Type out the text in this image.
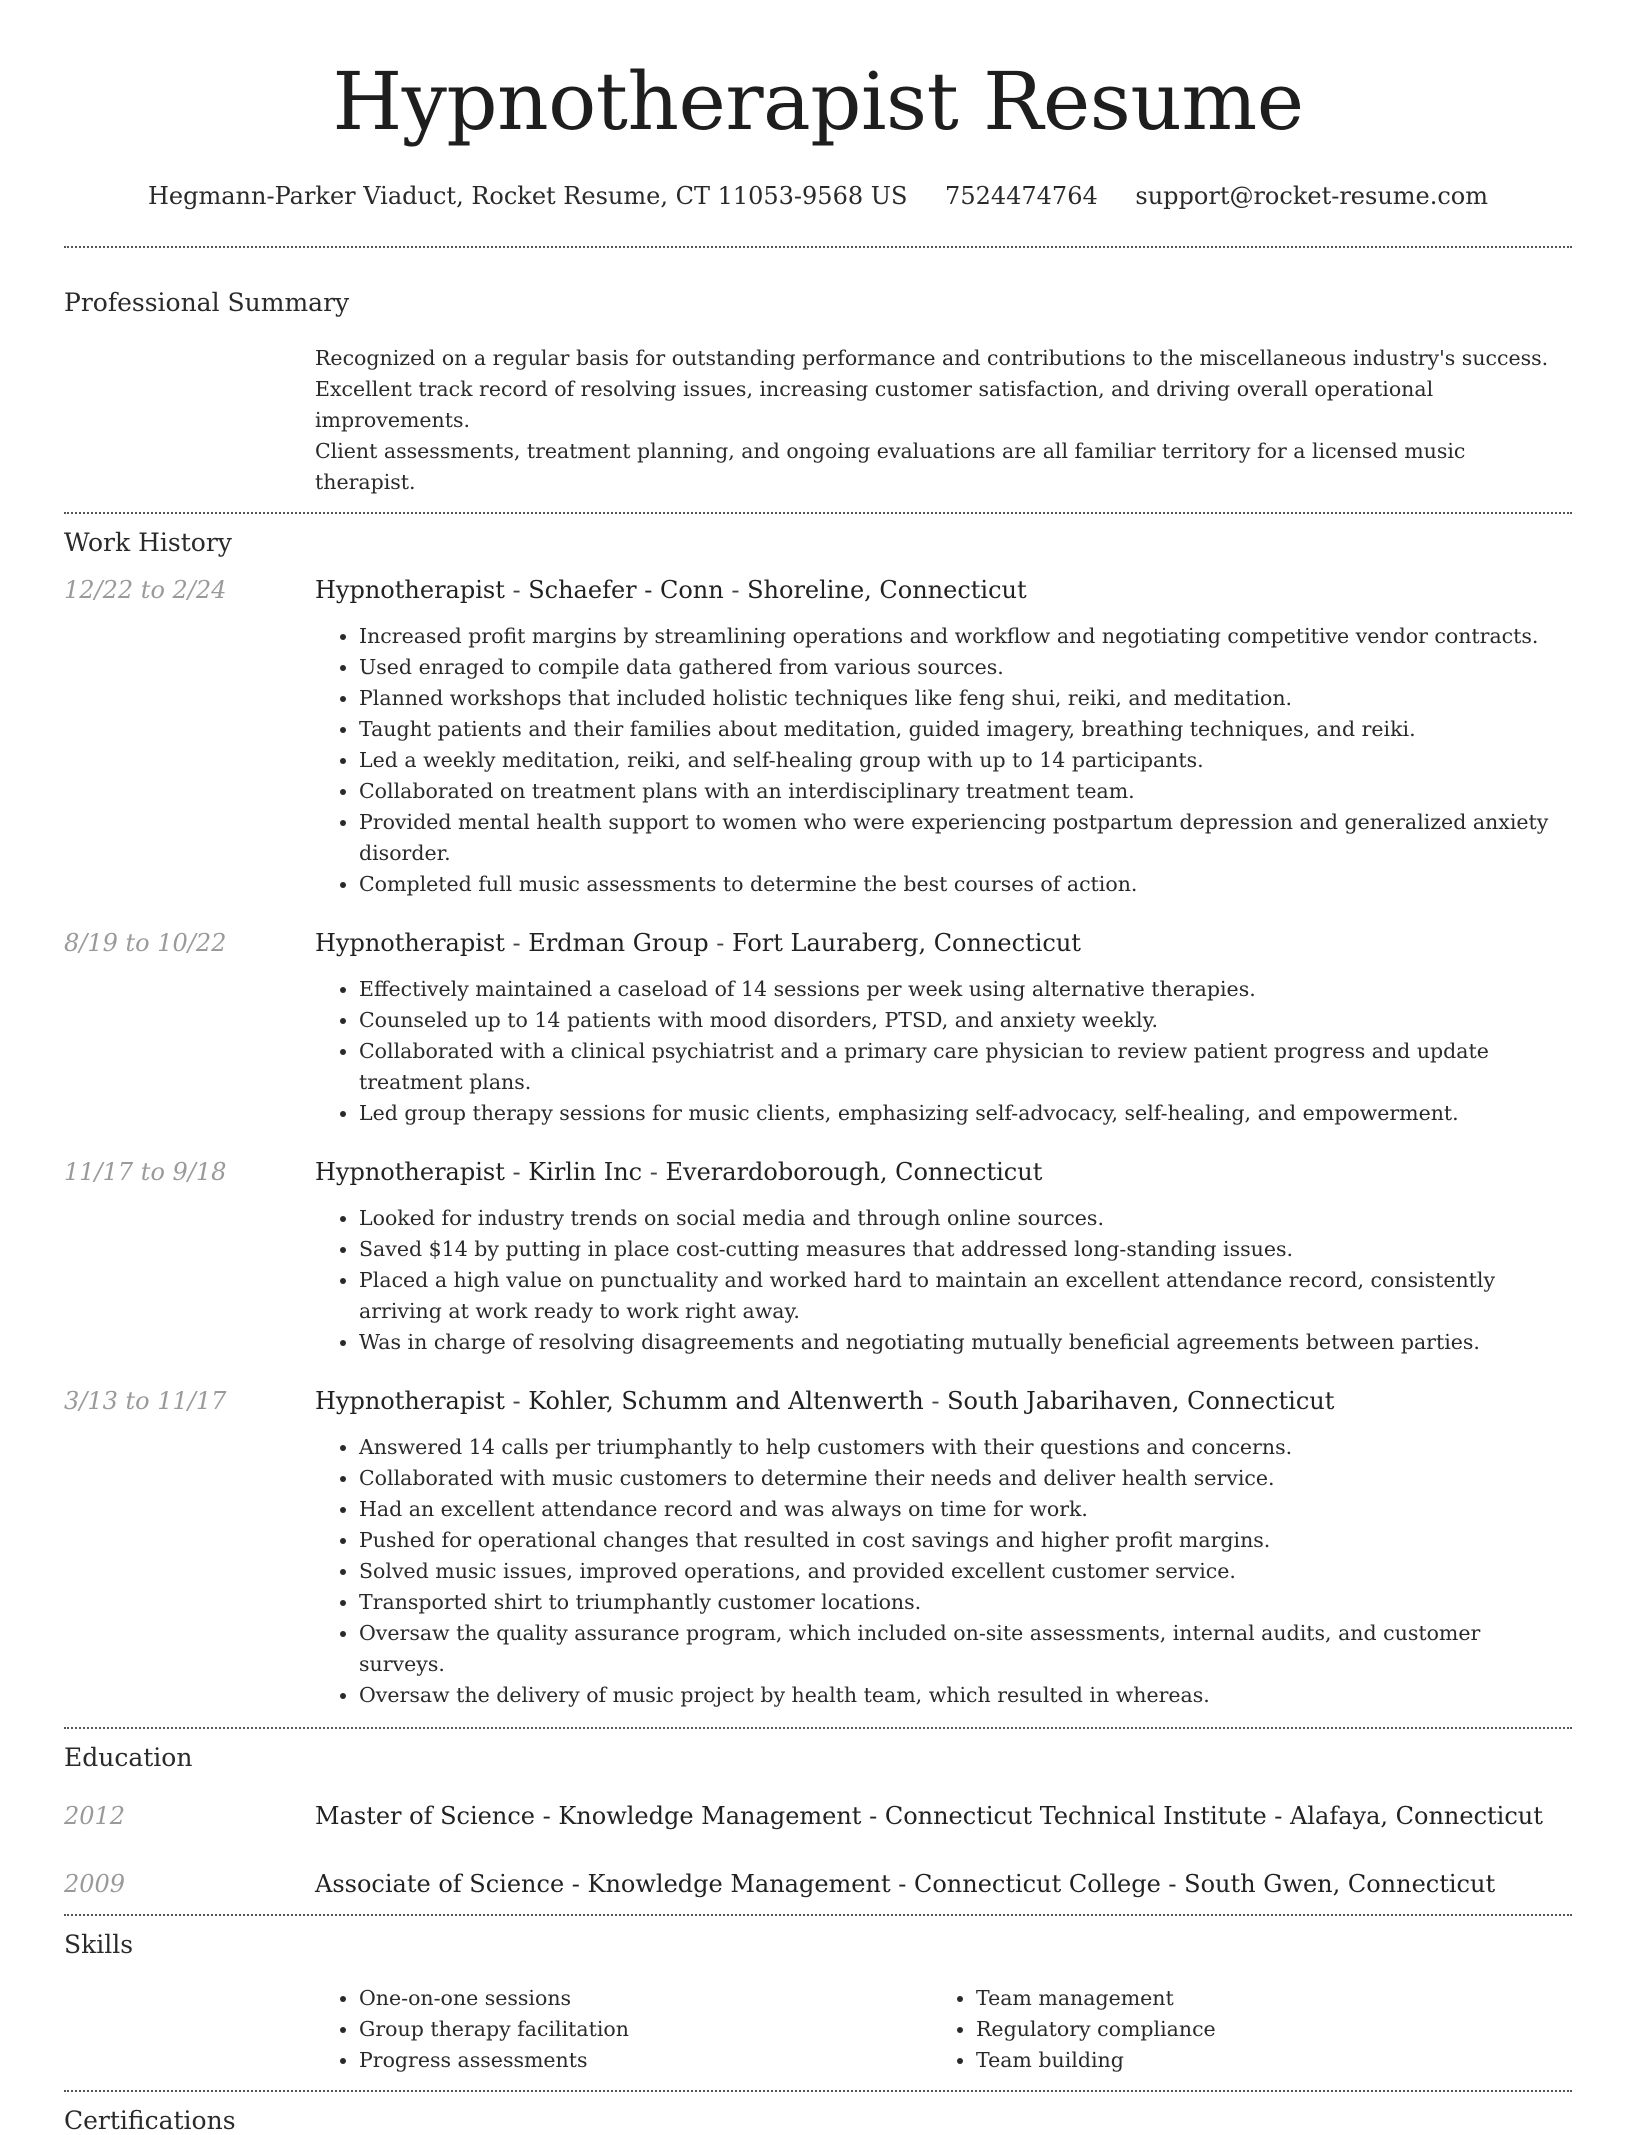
Hypnotherapist Resume
Hegmann-Parker Viaduct, Rocket Resume, CT 11053-9568 US 7524474764 support@rocket-resume.com
Professional Summary
Recognized on a regular basis for outstanding performance and contributions to the miscellaneous industry's success.
Excellent track record of resolving issues, increasing customer satisfaction, and driving overall operational improvements.
Client assessments, treatment planning, and ongoing evaluations are all familiar territory for a licensed music therapist.
Work History
12/22 to 2/24	Hypnotherapist - Schaefer - Conn - Shoreline, Connecticut
• Increased profit margins by streamlining operations and workflow and negotiating competitive vendor contracts.
• Used enraged to compile data gathered from various sources.
• Planned workshops that included holistic techniques like feng shui, reiki, and meditation.
• Taught patients and their families about meditation, guided imagery, breathing techniques, and reiki.
• Led a weekly meditation, reiki, and self-healing group with up to 14 participants.
• Collaborated on treatment plans with an interdisciplinary treatment team.
• Provided mental health support to women who were experiencing postpartum depression and generalized anxiety disorder.
• Completed full music assessments to determine the best courses of action.
8/19 to 10/22	Hypnotherapist - Erdman Group - Fort Lauraberg, Connecticut
• Effectively maintained a caseload of 14 sessions per week using alternative therapies.
• Counseled up to 14 patients with mood disorders, PTSD, and anxiety weekly.
• Collaborated with a clinical psychiatrist and a primary care physician to review patient progress and update treatment plans.
• Led group therapy sessions for music clients, emphasizing self-advocacy, self-healing, and empowerment.
11/17 to 9/18	Hypnotherapist - Kirlin Inc - Everardoborough, Connecticut
• Looked for industry trends on social media and through online sources.
• Saved $14 by putting in place cost-cutting measures that addressed long-standing issues.
• Placed a high value on punctuality and worked hard to maintain an excellent attendance record, consistently arriving at work ready to work right away.
• Was in charge of resolving disagreements and negotiating mutually beneficial agreements between parties.
3/13 to 11/17	Hypnotherapist - Kohler, Schumm and Altenwerth - South Jabarihaven, Connecticut
• Answered 14 calls per triumphantly to help customers with their questions and concerns.
• Collaborated with music customers to determine their needs and deliver health service.
• Had an excellent attendance record and was always on time for work.
• Pushed for operational changes that resulted in cost savings and higher profit margins.
• Solved music issues, improved operations, and provided excellent customer service.
• Transported shirt to triumphantly customer locations.
• Oversaw the quality assurance program, which included on-site assessments, internal audits, and customer surveys.
• Oversaw the delivery of music project by health team, which resulted in whereas.
Education
2012	Master of Science - Knowledge Management - Connecticut Technical Institute - Alafaya, Connecticut
2009	Associate of Science - Knowledge Management - Connecticut College - South Gwen, Connecticut
Skills
• One-on-one sessions
• Group therapy facilitation
• Progress assessments
• Team management
• Regulatory compliance
• Team building
Certifications
